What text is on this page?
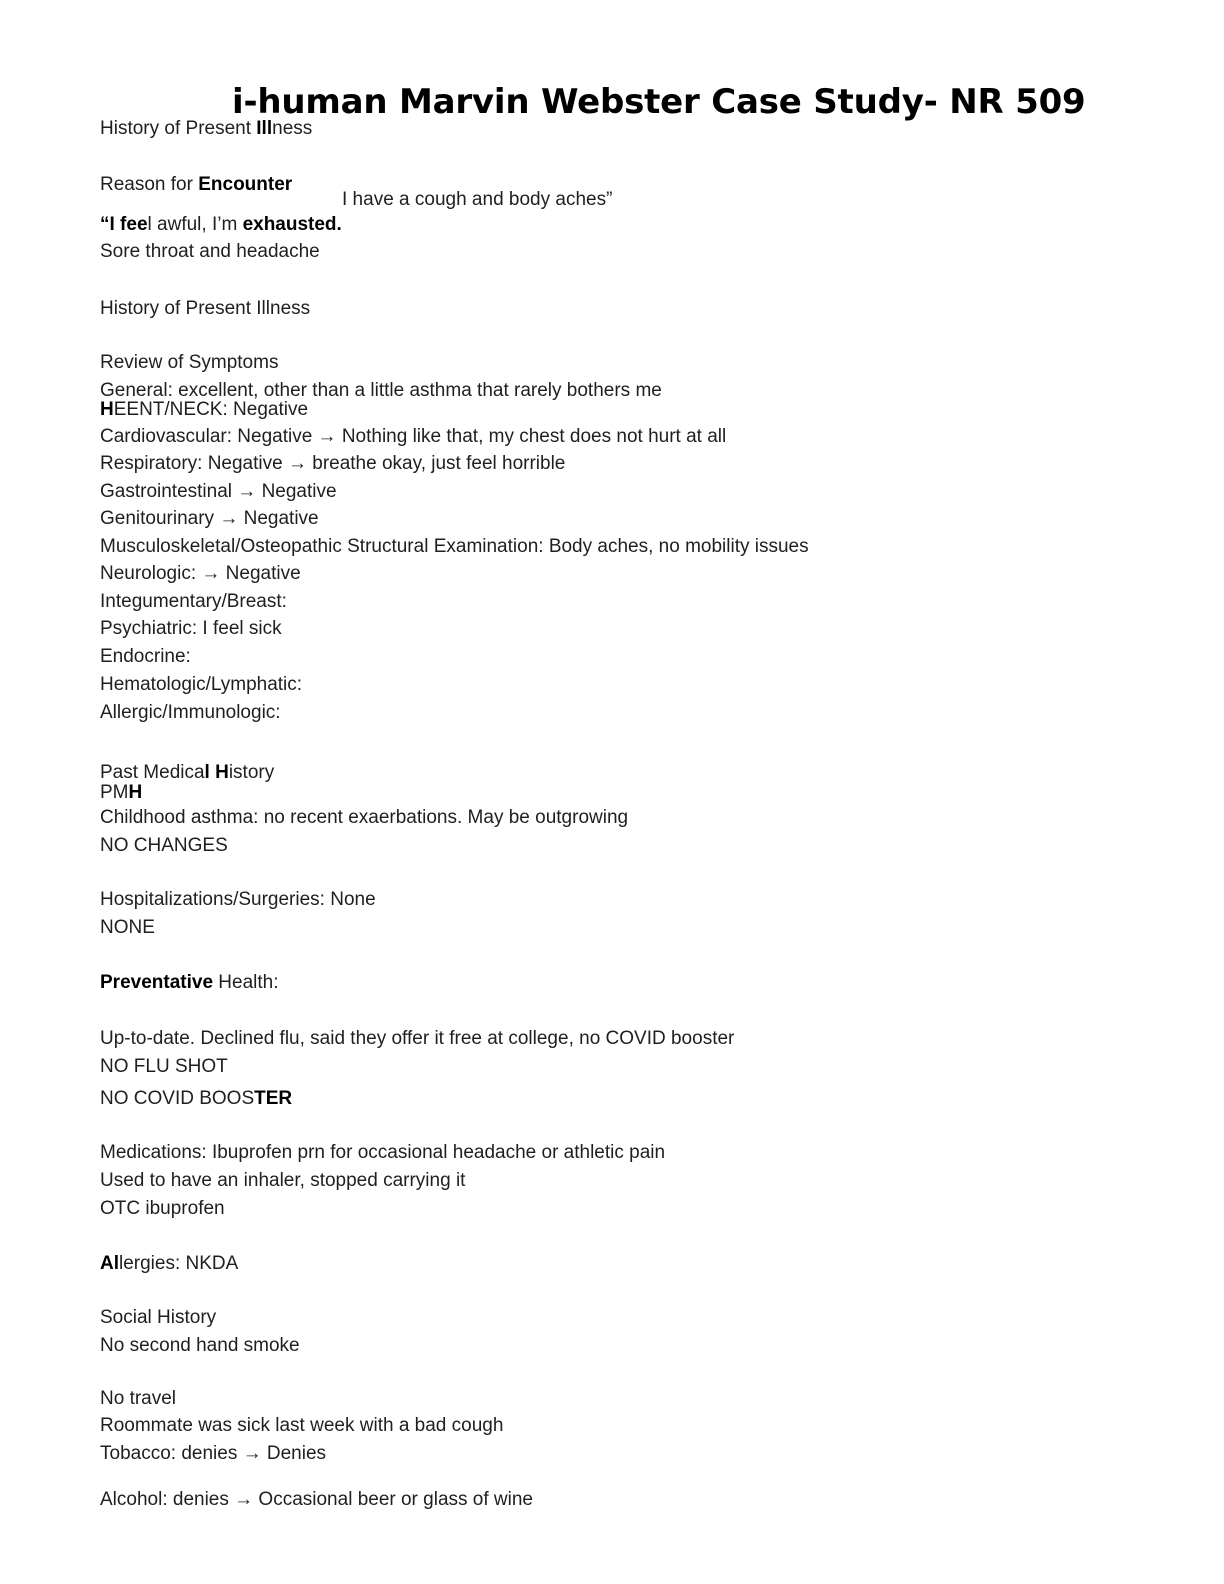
i-human Marvin Webster Case Study- NR 509
History of Present Illness
Reason for Encounter
I have a cough and body aches”
“I feel awful, I’m exhausted.
Sore throat and headache
History of Present Illness
Review of Symptoms
General: excellent, other than a little asthma that rarely bothers me
HEENT/NECK: Negative
Cardiovascular: Negative → Nothing like that, my chest does not hurt at all
Respiratory: Negative → breathe okay, just feel horrible
Gastrointestinal → Negative
Genitourinary → Negative
Musculoskeletal/Osteopathic Structural Examination: Body aches, no mobility issues
Neurologic: → Negative
Integumentary/Breast:
Psychiatric: I feel sick
Endocrine:
Hematologic/Lymphatic:
Allergic/Immunologic:
Past Medical History
PMH
Childhood asthma: no recent exaerbations. May be outgrowing
NO CHANGES
Hospitalizations/Surgeries: None
NONE
Preventative Health:
Up-to-date. Declined flu, said they offer it free at college, no COVID booster
NO FLU SHOT
NO COVID BOOSTER
Medications: Ibuprofen prn for occasional headache or athletic pain
Used to have an inhaler, stopped carrying it
OTC ibuprofen
Allergies: NKDA
Social History
No second hand smoke
No travel
Roommate was sick last week with a bad cough
Tobacco: denies → Denies
Alcohol: denies → Occasional beer or glass of wine
